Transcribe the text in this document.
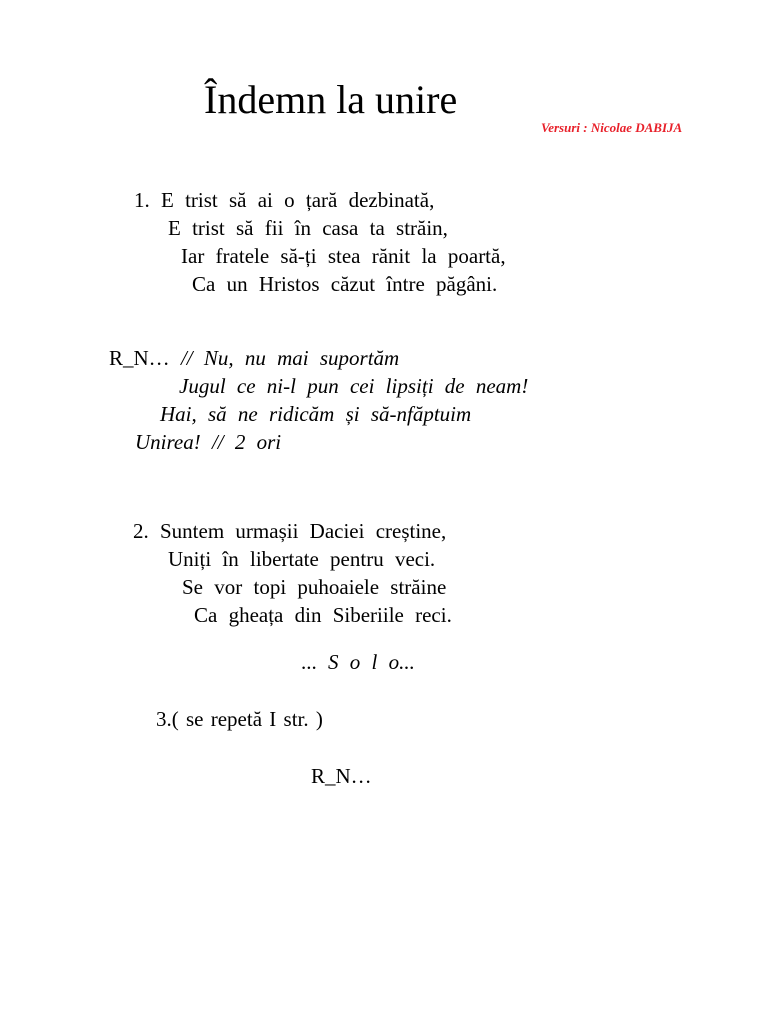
Îndemn la unire
Versuri : Nicolae DABIJA
1. E trist să ai o țară dezbinată,
E trist să fii în casa ta străin,
Iar fratele să-ți stea rănit la poartă,
Ca un Hristos căzut între păgâni.
R_N… // Nu, nu mai suportăm
Jugul ce ni-l pun cei lipsiți de neam!
Hai, să ne ridicăm și să-nfăptuim
Unirea! // 2 ori
2. Suntem urmașii Daciei creștine,
Uniți în libertate pentru veci.
Se vor topi puhoaiele străine
Ca gheața din Siberiile reci.
... S o l o...
3.( se repetă I str. )
R_N…
